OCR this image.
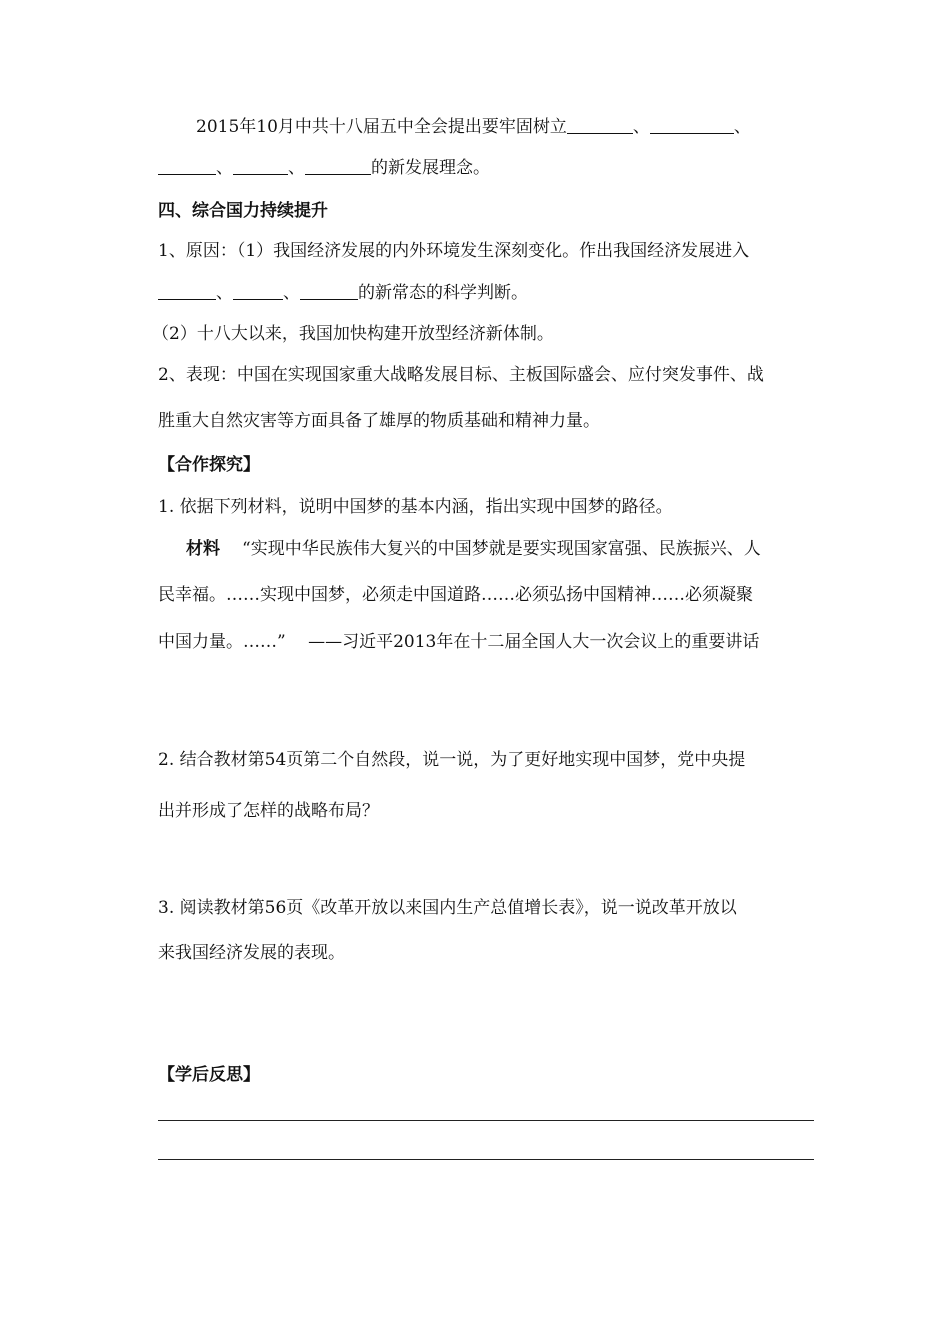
2015年10月中共十八届五中全会提出要牢固树立	、	、
、	、	的新发展理念。
四、综合国力持续提升
1、原因：（1）我国经济发展的内外环境发生深刻变化。作出我国经济发展进入
、	、	的新常态的科学判断。
（2）十八大以来，我国加快构建开放型经济新体制。
2、表现：中国在实现国家重大战略发展目标、主板国际盛会、应付突发事件、战
胜重大自然灾害等方面具备了雄厚的物质基础和精神力量。
【合作探究】
1. 依据下列材料，说明中国梦的基本内涵，指出实现中国梦的路径。
材料 “实现中华民族伟大复兴的中国梦就是要实现国家富强、民族振兴、人
民幸福。……实现中国梦，必须走中国道路……必须弘扬中国精神……必须凝聚
中国力量。……”　 ——习近平2013年在十二届全国人大一次会议上的重要讲话
2. 结合教材第54页第二个自然段，说一说，为了更好地实现中国梦，党中央提
出并形成了怎样的战略布局？
3. 阅读教材第56页《改革开放以来国内生产总值增长表》，说一说改革开放以
来我国经济发展的表现。
【学后反思】
